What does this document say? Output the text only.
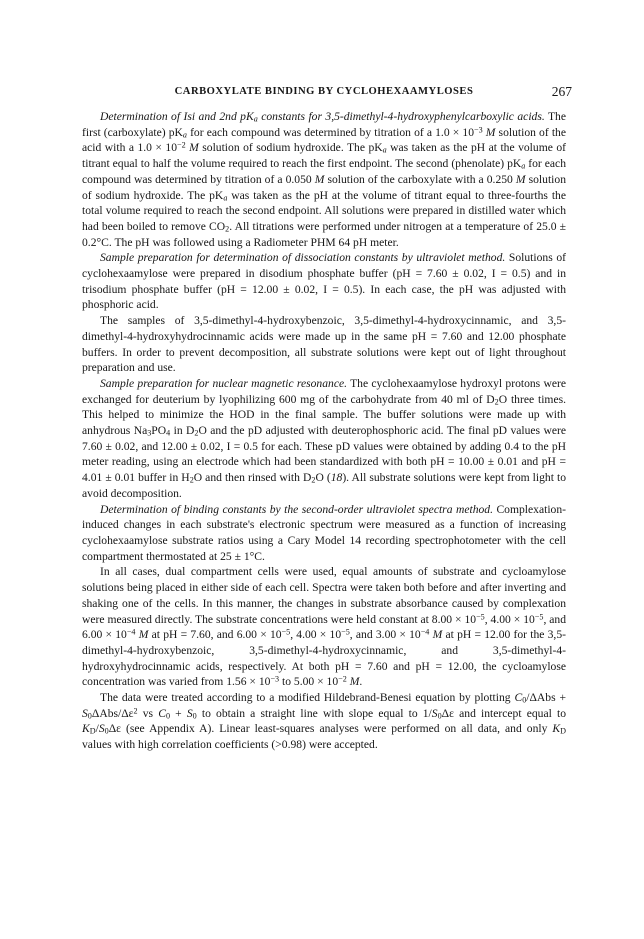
CARBOXYLATE BINDING BY CYCLOHEXAAMYLOSES	267

Determination of Isi and 2nd $pK_a$ constants for 3,5-dimethyl-4-hydroxyphenylcarboxylic acids. The first (carboxylate) $pK_a$ for each compound was determined by titration of a $1.0 \times 10^{-3}$ M solution of the acid with a $1.0 \times 10^{-2}$ M solution of sodium hydroxide. The $pK_a$ was taken as the pH at the volume of titrant equal to half the volume required to reach the first endpoint. The second (phenolate) $pK_a$ for each compound was determined by titration of a 0.050 M solution of the carboxylate with a 0.250 M solution of sodium hydroxide. The $pK_a$ was taken as the pH at the volume of titrant equal to three-fourths the total volume required to reach the second endpoint. All solutions were prepared in distilled water which had been boiled to remove $CO_2$. All titrations were performed under nitrogen at a temperature of 25.0 ± 0.2°C. The pH was followed using a Radiometer PHM 64 pH meter.

Sample preparation for determination of dissociation constants by ultraviolet method. Solutions of cyclohexaamylose were prepared in disodium phosphate buffer (pH = 7.60 ± 0.02, I = 0.5) and in trisodium phosphate buffer (pH = 12.00 ± 0.02, I = 0.5). In each case, the pH was adjusted with phosphoric acid.

The samples of 3,5-dimethyl-4-hydroxybenzoic, 3,5-dimethyl-4-hydroxycinnamic, and 3,5-dimethyl-4-hydroxyhydrocinnamic acids were made up in the same pH = 7.60 and 12.00 phosphate buffers. In order to prevent decomposition, all substrate solutions were kept out of light throughout preparation and use.

Sample preparation for nuclear magnetic resonance. The cyclohexaamylose hydroxyl protons were exchanged for deuterium by lyophilizing 600 mg of the carbohydrate from 40 ml of $D_2O$ three times. This helped to minimize the HOD in the final sample. The buffer solutions were made up with anhydrous $Na_3PO_4$ in $D_2O$ and the pD adjusted with deuterophosphoric acid. The final pD values were 7.60 ± 0.02, and 12.00 ± 0.02, I = 0.5 for each. These pD values were obtained by adding 0.4 to the pH meter reading, using an electrode which had been standardized with both pH = 10.00 ± 0.01 and pH = 4.01 ± 0.01 buffer in $H_2O$ and then rinsed with $D_2O$ (18). All substrate solutions were kept from light to avoid decomposition.

Determination of binding constants by the second-order ultraviolet spectra method. Complexation-induced changes in each substrate's electronic spectrum were measured as a function of increasing cyclohexaamylose substrate ratios using a Cary Model 14 recording spectrophotometer with the cell compartment thermostated at 25 ± 1°C.

In all cases, dual compartment cells were used, equal amounts of substrate and cycloamylose solutions being placed in either side of each cell. Spectra were taken both before and after inverting and shaking one of the cells. In this manner, the changes in substrate absorbance caused by complexation were measured directly. The substrate concentrations were held constant at $8.00 \times 10^{-5}$, $4.00 \times 10^{-5}$, and $6.00 \times 10^{-4}$ M at pH = 7.60, and $6.00 \times 10^{-5}$, $4.00 \times 10^{-5}$, and $3.00 \times 10^{-4}$ M at pH = 12.00 for the 3,5-dimethyl-4-hydroxybenzoic, 3,5-dimethyl-4-hydroxycinnamic, and 3,5-dimethyl-4-hydroxyhydrocinnamic acids, respectively. At both pH = 7.60 and pH = 12.00, the cycloamylose concentration was varied from $1.56 \times 10^{-3}$ to $5.00 \times 10^{-2}$ M.

The data were treated according to a modified Hildebrand-Benesi equation by plotting $C_0$/ΔAbs + $S_0\Delta Abs/\Delta\varepsilon^2$ vs $C_0 + S_0$ to obtain a straight line with slope equal to $1/S_0\Delta\varepsilon$ and intercept equal to $K_D/S_0\Delta\varepsilon$ (see Appendix A). Linear least-squares analyses were performed on all data, and only $K_D$ values with high correlation coefficients (>0.98) were accepted.
